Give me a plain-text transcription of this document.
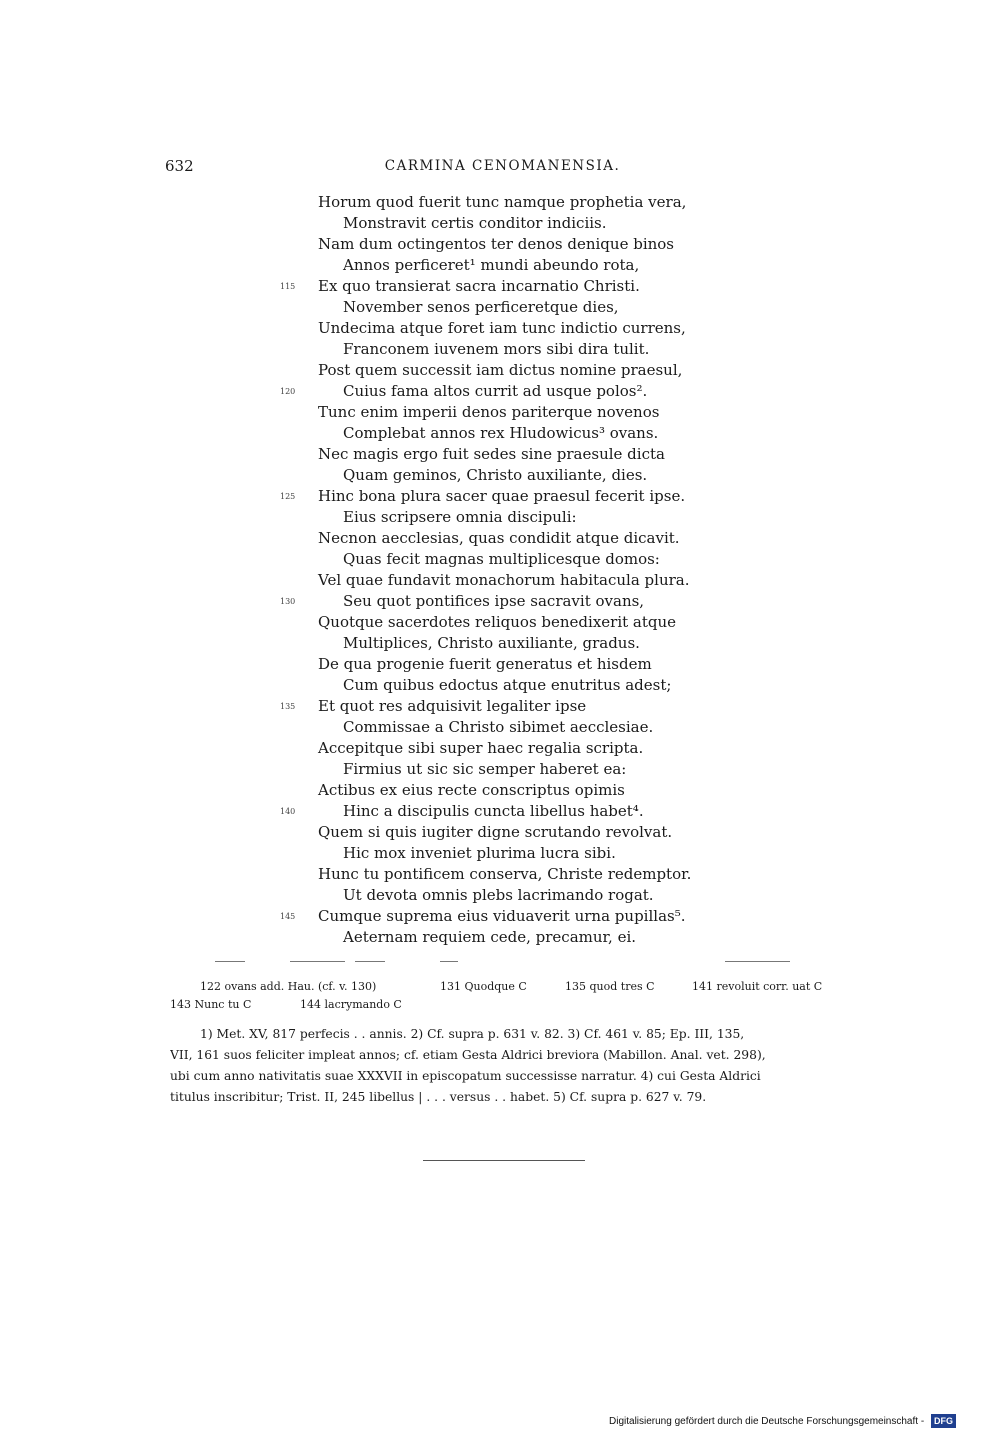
632	CARMINA CENOMANENSIA.
Horum quod fuerit tunc namque prophetia vera,
Monstravit certis conditor indiciis.
Nam dum octingentos ter denos denique binos
Annos perficeret¹ mundi abeundo rota,
115 Ex quo transierat sacra incarnatio Christi.
November senos perficeretque dies,
Undecima atque foret iam tunc indictio currens,
Franconem iuvenem mors sibi dira tulit.
Post quem successit iam dictus nomine praesul,
120	Cuius fama altos currit ad usque polos².
Tunc enim imperii denos pariterque novenos
Complebat annos rex Hludowicus³ ovans.
Nec magis ergo fuit sedes sine praesule dicta
Quam geminos, Christo auxiliante, dies.
125 Hinc bona plura sacer quae praesul fecerit ipse.
Eius scripsere omnia discipuli:
Necnon aecclesias, quas condidit atque dicavit.
Quas fecit magnas multiplicesque domos:
Vel quae fundavit monachorum habitacula plura.
130	Seu quot pontifices ipse sacravit ovans,
Quotque sacerdotes reliquos benedixerit atque
Multiplices, Christo auxiliante, gradus.
De qua progenie fuerit generatus et hisdem
Cum quibus edoctus atque enutritus adest;
135 Et quot res adquisivit legaliter ipse
Commissae a Christo sibimet aecclesiae.
Accepitque sibi super haec regalia scripta.
Firmius ut sic sic semper haberet ea:
Actibus ex eius recte conscriptus opimis
140	Hinc a discipulis cuncta libellus habet⁴.
Quem si quis iugiter digne scrutando revolvat.
Hic mox inveniet plurima lucra sibi.
Hunc tu pontificem conserva, Christe redemptor.
Ut devota omnis plebs lacrimando rogat.
145 Cumque suprema eius viduaverit urna pupillas⁵.
Aeternam requiem cede, precamur, ei.
122 ovans add. Hau. (cf. v. 130)	131 Quodque C	135 quod tres C	141 revoluit corr. uat C
143 Nunc tu C	144 lacrymando C
1) Met. XV, 817 perfecis . . annis. 2) Cf. supra p. 631 v. 82. 3) Cf. 461 v. 85; Ep. III, 135,
VII, 161 suos feliciter impleat annos; cf. etiam Gesta Aldrici breviora (Mabillon. Anal. vet. 298),
ubi cum anno nativitatis suae XXXVII in episcopatum successisse narratur. 4) cui Gesta Aldrici
titulus inscribitur; Trist. II, 245 libellus | . . . versus . . habet. 5) Cf. supra p. 627 v. 79.
Digitalisierung gefördert durch die Deutsche Forschungsgemeinschaft - DFG
